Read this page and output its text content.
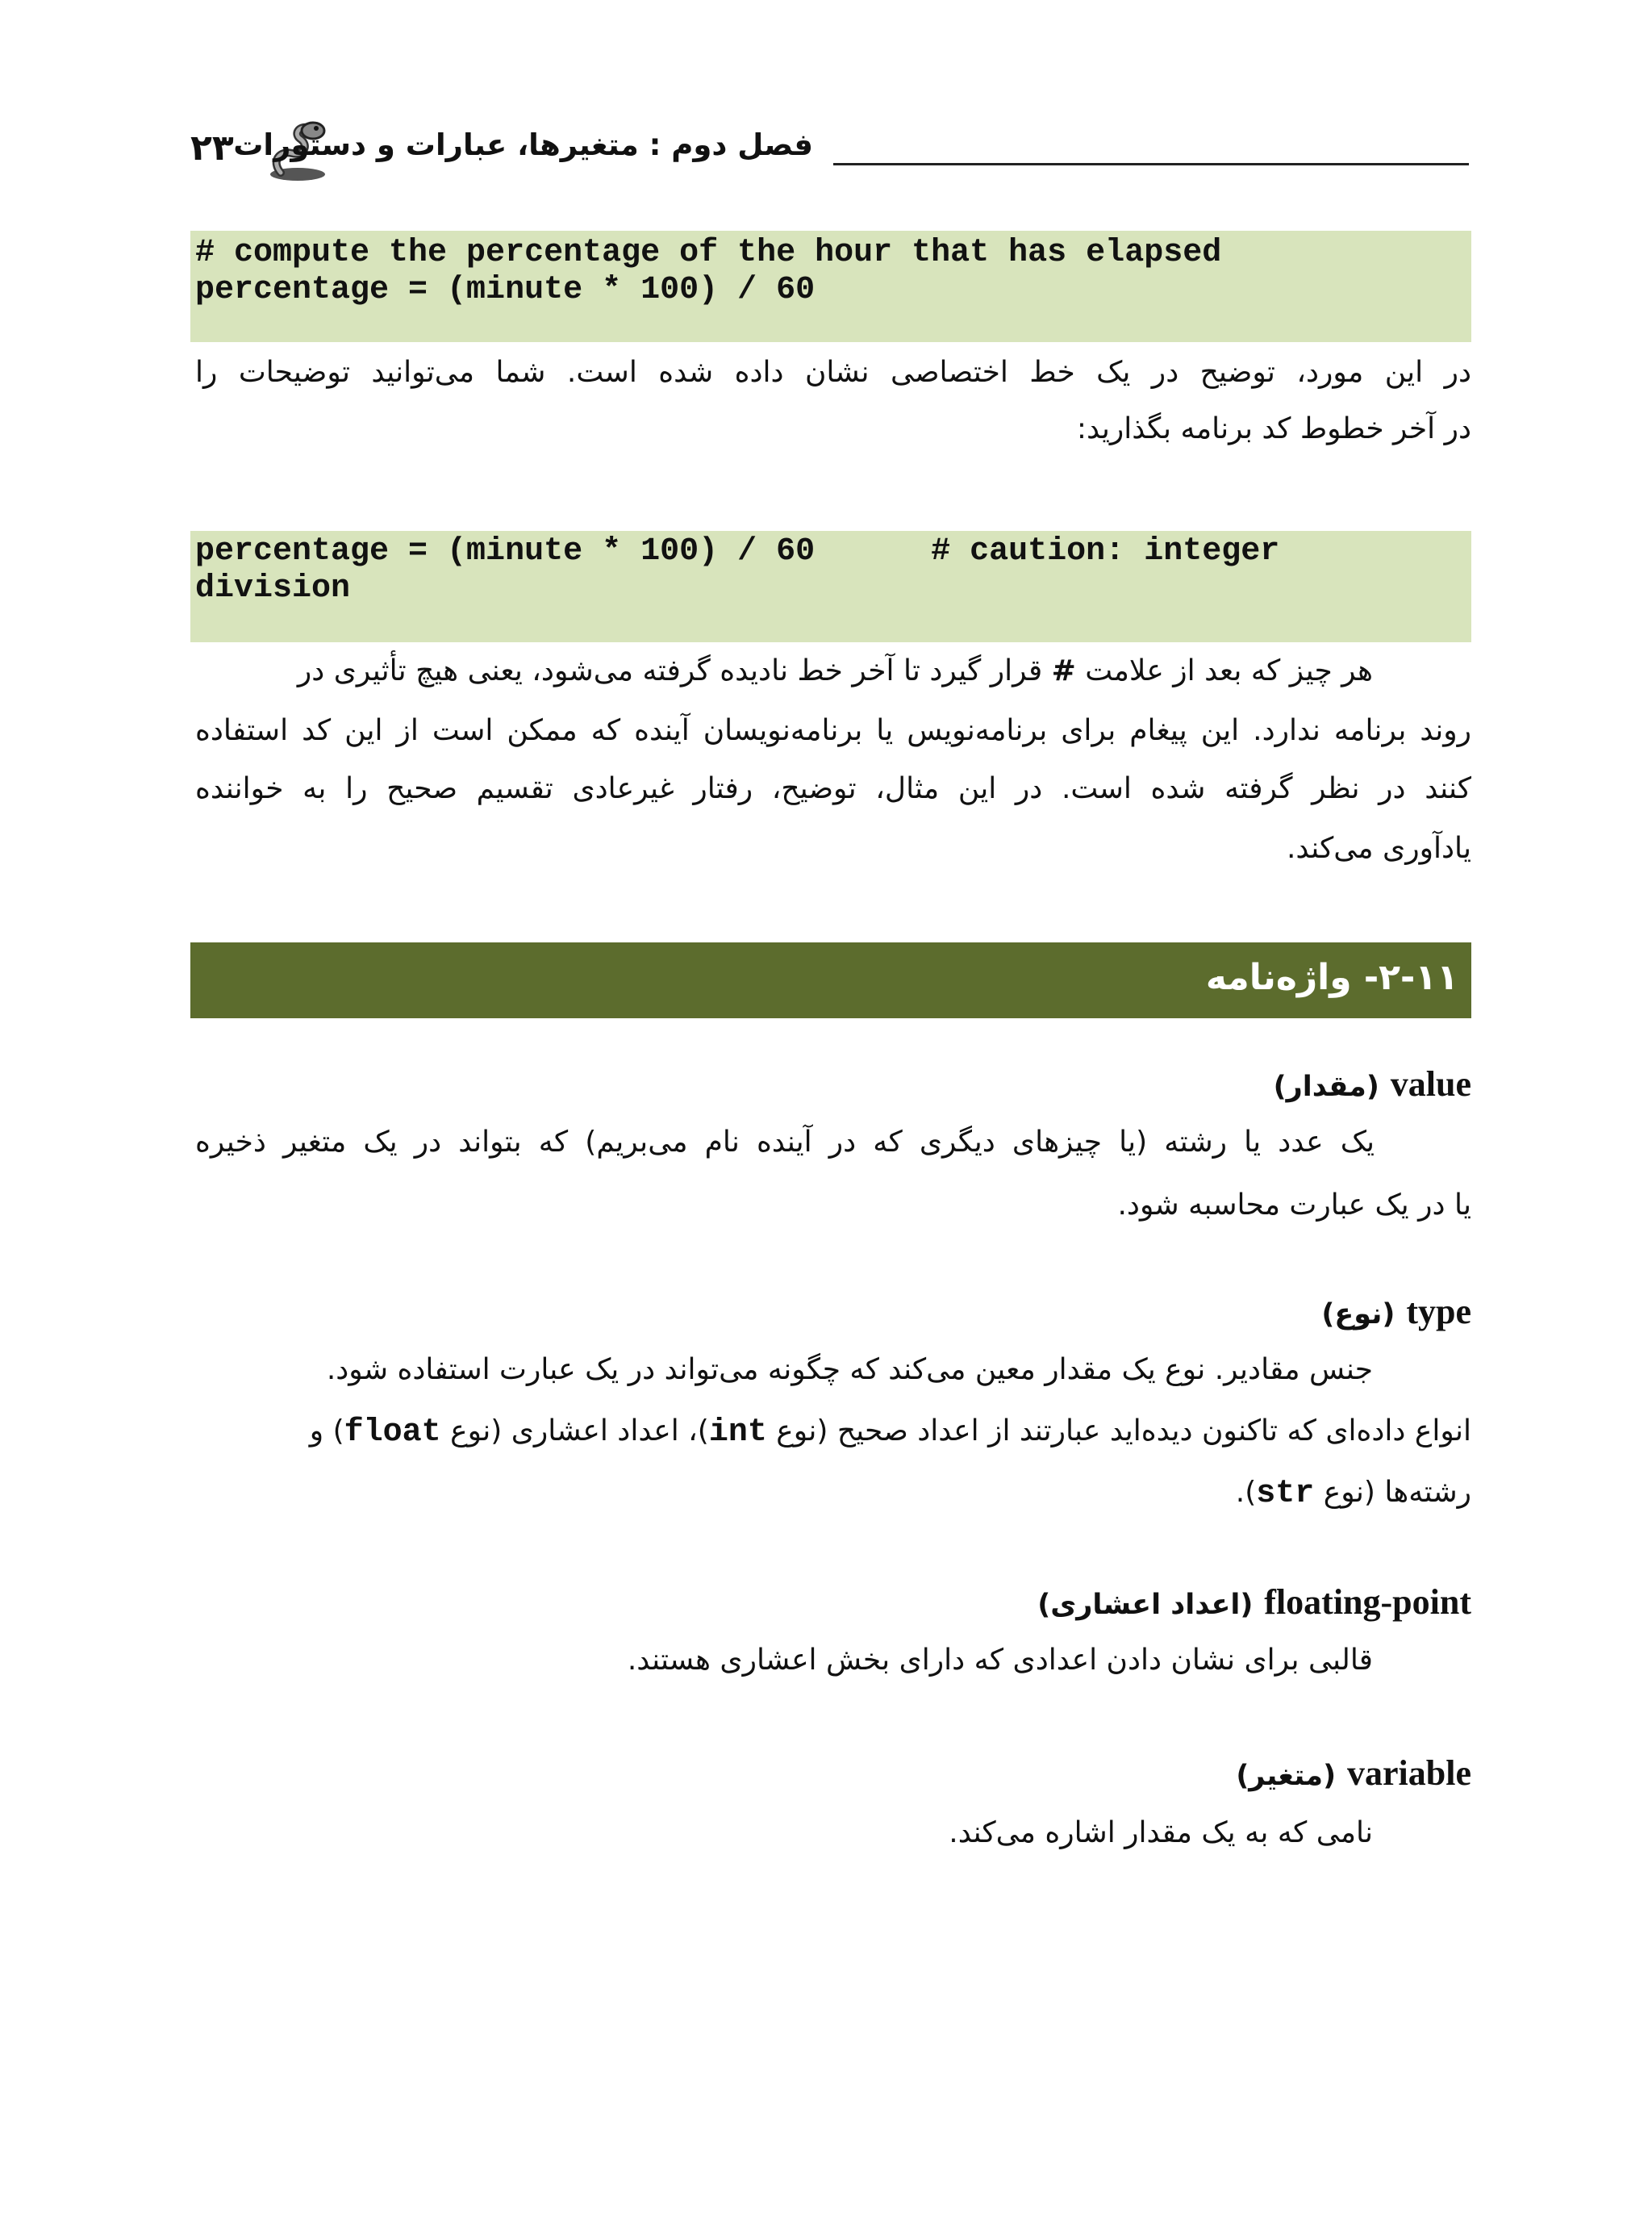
۲۳ فصل دوم : متغیرها، عبارات و دستورات
# compute the percentage of the hour that has elapsed
percentage = (minute * 100) / 60
در این مورد، توضیح در یک خط اختصاصی نشان داده شده است. شما می‌توانید توضیحات را
در آخر خطوط کد برنامه بگذارید:
percentage = (minute * 100) / 60      # caution: integer
division
هر چیز که بعد از علامت # قرار گیرد تا آخر خط نادیده گرفته می‌شود، یعنی هیچ تأثیری در
روند برنامه ندارد. این پیغام برای برنامه‌نویس یا برنامه‌نویسان آینده که ممکن است از این کد استفاده
کنند در نظر گرفته شده است. در این مثال، توضیح، رفتار غیرعادی تقسیم صحیح را به خواننده
یادآوری می‌کند.
۲-۱۱- واژه‌نامه
value (مقدار)
یک عدد یا رشته (یا چیزهای دیگری که در آینده نام می‌بریم) که بتواند در یک متغیر ذخیره
یا در یک عبارت محاسبه شود.
type (نوع)
جنس مقادیر. نوع یک مقدار معین می‌کند که چگونه می‌تواند در یک عبارت استفاده شود.
انواع داده‌ای که تاکنون دیده‌اید عبارتند از اعداد صحیح (نوع int)، اعداد اعشاری (نوع float) و
رشته‌ها (نوع str).
floating-point (اعداد اعشاری)
قالبی برای نشان دادن اعدادی که دارای بخش اعشاری هستند.
variable (متغیر)
نامی که به یک مقدار اشاره می‌کند.
